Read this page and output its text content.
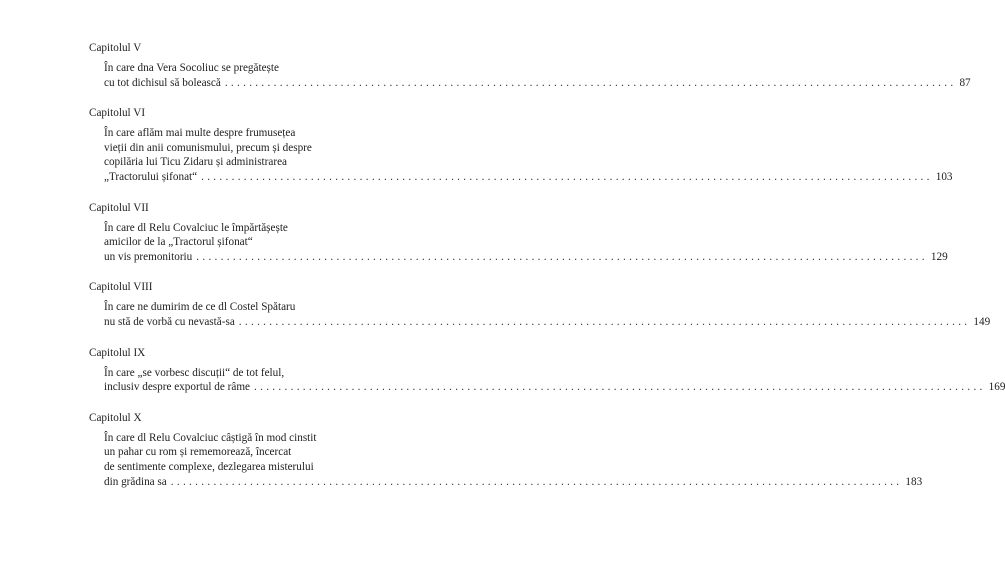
Capitolul V
În care dna Vera Socoliuc se pregătește
cu tot dichisul să bolească ........................................................................................................................ 87
Capitolul VI
În care aflăm mai multe despre frumusețea
vieții din anii comunismului, precum și despre
copilăria lui Ticu Zidaru și administrarea
„Tractorului șifonat“ ........................................................................................................................ 103
Capitolul VII
În care dl Relu Covalciuc le împărtășește
amicilor de la „Tractorul șifonat“
un vis premonitoriu ........................................................................................................................ 129
Capitolul VIII
În care ne dumirim de ce dl Costel Spătaru
nu stă de vorbă cu nevastă-sa ........................................................................................................................ 149
Capitolul IX
În care „se vorbesc discuții“ de tot felul,
inclusiv despre exportul de râme ........................................................................................................................ 169
Capitolul X
În care dl Relu Covalciuc câștigă în mod cinstit
un pahar cu rom și rememorează, încercat
de sentimente complexe, dezlegarea misterului
din grădina sa ........................................................................................................................ 183
